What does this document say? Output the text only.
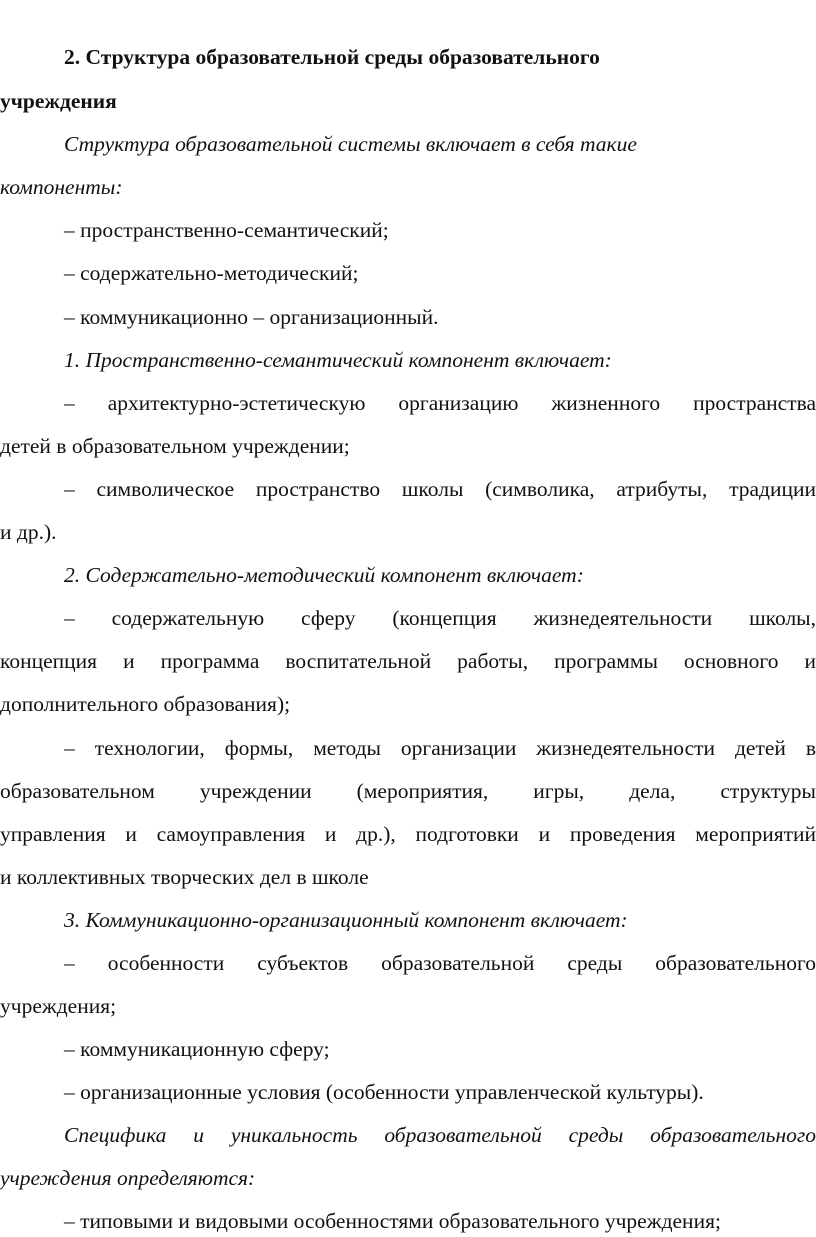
2. Структура образовательной среды образовательного
учреждения
Структура образовательной системы включает в себя такие
компоненты:
– пространственно-семантический;
– содержательно-методический;
– коммуникационно – организационный.
1. Пространственно-семантический компонент включает:
– архитектурно-эстетическую организацию жизненного пространства
детей в образовательном учреждении;
– символическое пространство школы (символика, атрибуты, традиции
и др.).
2. Содержательно-методический компонент включает:
– содержательную сферу (концепция жизнедеятельности школы,
концепция и программа воспитательной работы, программы основного и
дополнительного образования);
– технологии, формы, методы организации жизнедеятельности детей в
образовательном учреждении (мероприятия, игры, дела, структуры
управления и самоуправления и др.), подготовки и проведения мероприятий
и коллективных творческих дел в школе
3. Коммуникационно-организационный компонент включает:
– особенности субъектов образовательной среды образовательного
учреждения;
– коммуникационную сферу;
– организационные условия (особенности управленческой культуры).
Специфика и уникальность образовательной среды образовательного
учреждения определяются:
– типовыми и видовыми особенностями образовательного учреждения;
